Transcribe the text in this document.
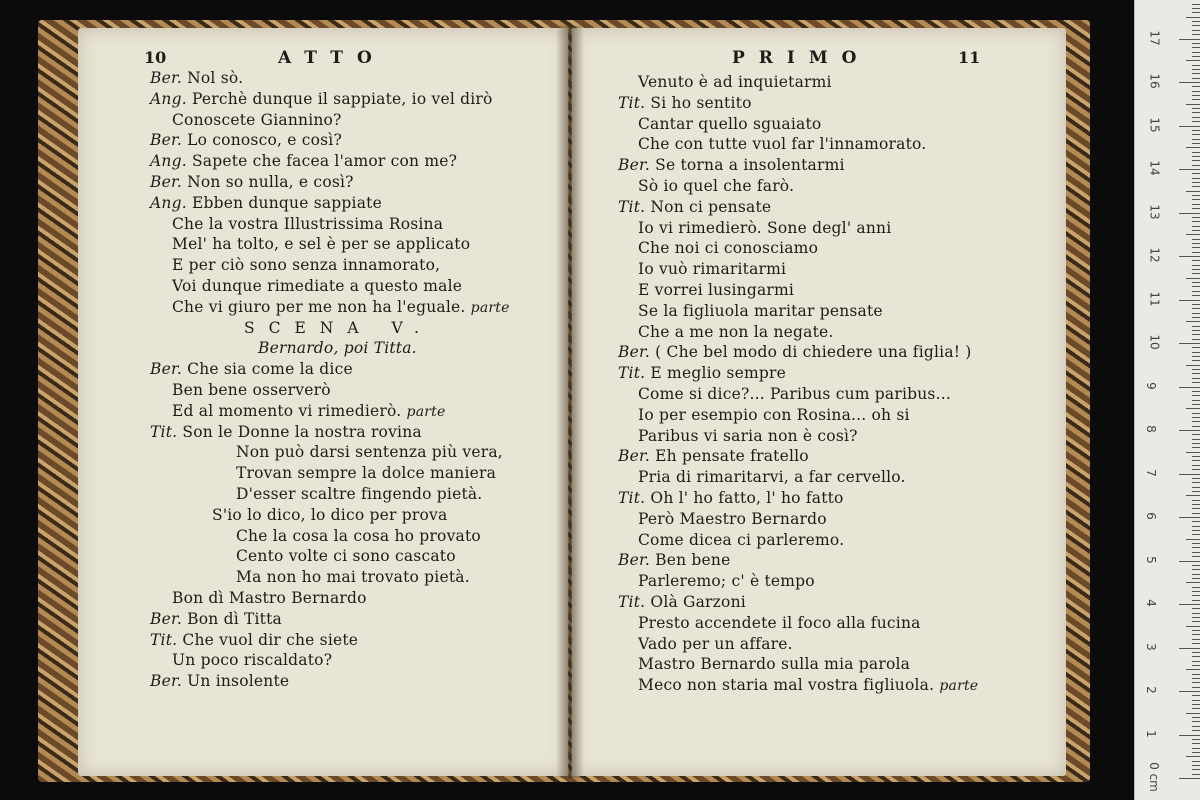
10	ATTO
Ber. Nol sò.
Ang. Perchè dunque il sappiate, io vel dirò
Conoscete Giannino?
Ber. Lo conosco, e così?
Ang. Sapete che facea l'amor con me?
Ber. Non so nulla, e così?
Ang. Ebben dunque sappiate
Che la vostra Illustrissima Rosina
Mel' ha tolto, e sel è per se applicato
E per ciò sono senza innamorato,
Voi dunque rimediate a questo male
Che vi giuro per me non ha l'eguale. parte
SCENA V.
Bernardo, poi Titta.
Ber. Che sia come la dice
Ben bene osserverò
Ed al momento vi rimedierò. parte
Tit. Son le Donne la nostra rovina
Non può darsi sentenza più vera,
Trovan sempre la dolce maniera
D'esser scaltre fingendo pietà.
S'io lo dico, lo dico per prova
Che la cosa la cosa ho provato
Cento volte ci sono cascato
Ma non ho mai trovato pietà.
Bon dì Mastro Bernardo
Ber. Bon dì Titta
Tit. Che vuol dir che siete
Un poco riscaldato?
Ber. Un insolente
PRIMO	11
Venuto è ad inquietarmi
Tit. Si ho sentito
Cantar quello sguaiato
Che con tutte vuol far l'innamorato.
Ber. Se torna a insolentarmi
Sò io quel che farò.
Tit. Non ci pensate
Io vi rimedierò. Sone degl' anni
Che noi ci conosciamo
Io vuò rimaritarmi
E vorrei lusingarmi
Se la figliuola maritar pensate
Che a me non la negate.
Ber. ( Che bel modo di chiedere una figlia! )
Tit. E meglio sempre
Come si dice?... Paribus cum paribus...
Io per esempio con Rosina... oh si
Paribus vi saria non è così?
Ber. Eh pensate fratello
Pria di rimaritarvi, a far cervello.
Tit. Oh l' ho fatto, l' ho fatto
Però Maestro Bernardo
Come dicea ci parleremo.
Ber. Ben bene
Parleremo; c' è tempo
Tit. Olà Garzoni
Presto accendete il foco alla fucina
Vado per un affare.
Mastro Bernardo sulla mia parola
Meco non staria mal vostra figliuola. parte
0 cm
1
2
3
4
5
6
7
8
9
10
11
12
13
14
15
16
17
